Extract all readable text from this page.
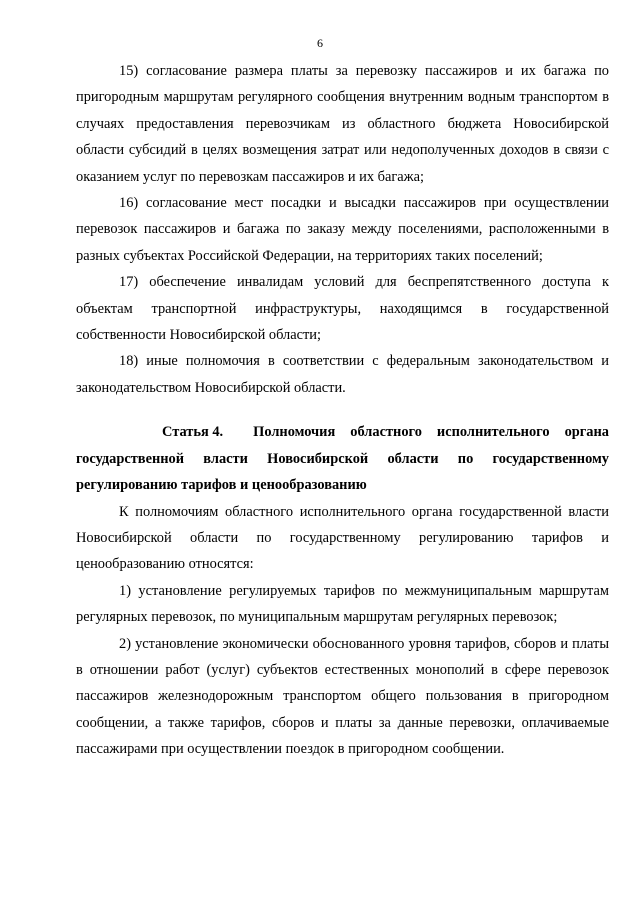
6

15) согласование размера платы за перевозку пассажиров и их багажа по пригородным маршрутам регулярного сообщения внутренним водным транспортом в случаях предоставления перевозчикам из областного бюджета Новосибирской области субсидий в целях возмещения затрат или недополученных доходов в связи с оказанием услуг по перевозкам пассажиров и их багажа;

16) согласование мест посадки и высадки пассажиров при осуществлении перевозок пассажиров и багажа по заказу между поселениями, расположенными в разных субъектах Российской Федерации, на территориях таких поселений;

17) обеспечение инвалидам условий для беспрепятственного доступа к объектам транспортной инфраструктуры, находящимся в государственной собственности Новосибирской области;

18) иные полномочия в соответствии с федеральным законодательством и законодательством Новосибирской области.

Статья 4. Полномочия областного исполнительного органа государственной власти Новосибирской области по государственному регулированию тарифов и ценообразованию

К полномочиям областного исполнительного органа государственной власти Новосибирской области по государственному регулированию тарифов и ценообразованию относятся:

1) установление регулируемых тарифов по межмуниципальным маршрутам регулярных перевозок, по муниципальным маршрутам регулярных перевозок;

2) установление экономически обоснованного уровня тарифов, сборов и платы в отношении работ (услуг) субъектов естественных монополий в сфере перевозок пассажиров железнодорожным транспортом общего пользования в пригородном сообщении, а также тарифов, сборов и платы за данные перевозки, оплачиваемые пассажирами при осуществлении поездок в пригородном сообщении.
